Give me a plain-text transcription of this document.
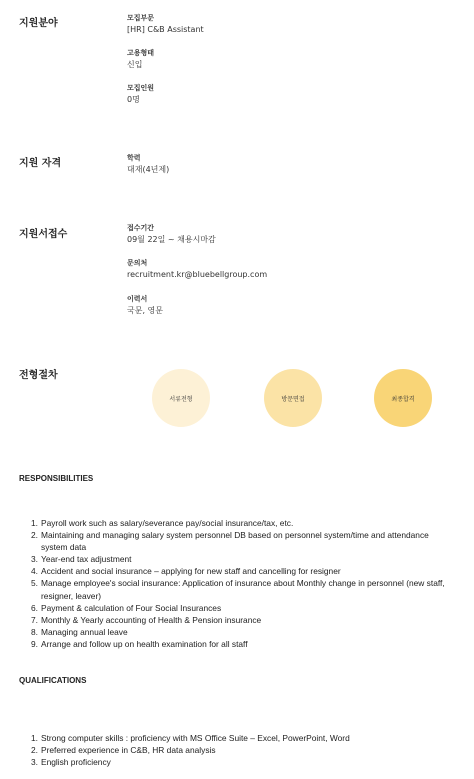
지원분야	모집부문
[HR] C&B Assistant
고용형태
신입
모집인원
0명
지원 자격	학력
대재(4년제)
지원서접수
접수기간
09월 22일 ~ 채용시마감
문의처
recruitment.kr@bluebellgroup.com
이력서
국문, 영문
전형절차
서류전형	방문면접	최종합격
RESPONSIBILITIES
1. Payroll work such as salary/severance pay/social insurance/tax, etc.
2. Maintaining and managing salary system personnel DB based on personnel system/time and attendance system data
3. Year-end tax adjustment
4. Accident and social insurance – applying for new staff and cancelling for resigner
5. Manage employee's social insurance: Application of insurance about Monthly change in personnel (new staff, resigner, leaver)
6. Payment & calculation of Four Social Insurances
7. Monthly & Yearly accounting of Health & Pension insurance
8. Managing annual leave
9. Arrange and follow up on health examination for all staff
QUALIFICATIONS
1. Strong computer skills : proficiency with MS Office Suite – Excel, PowerPoint, Word
2. Preferred experience in C&B, HR data analysis
3. English proficiency
